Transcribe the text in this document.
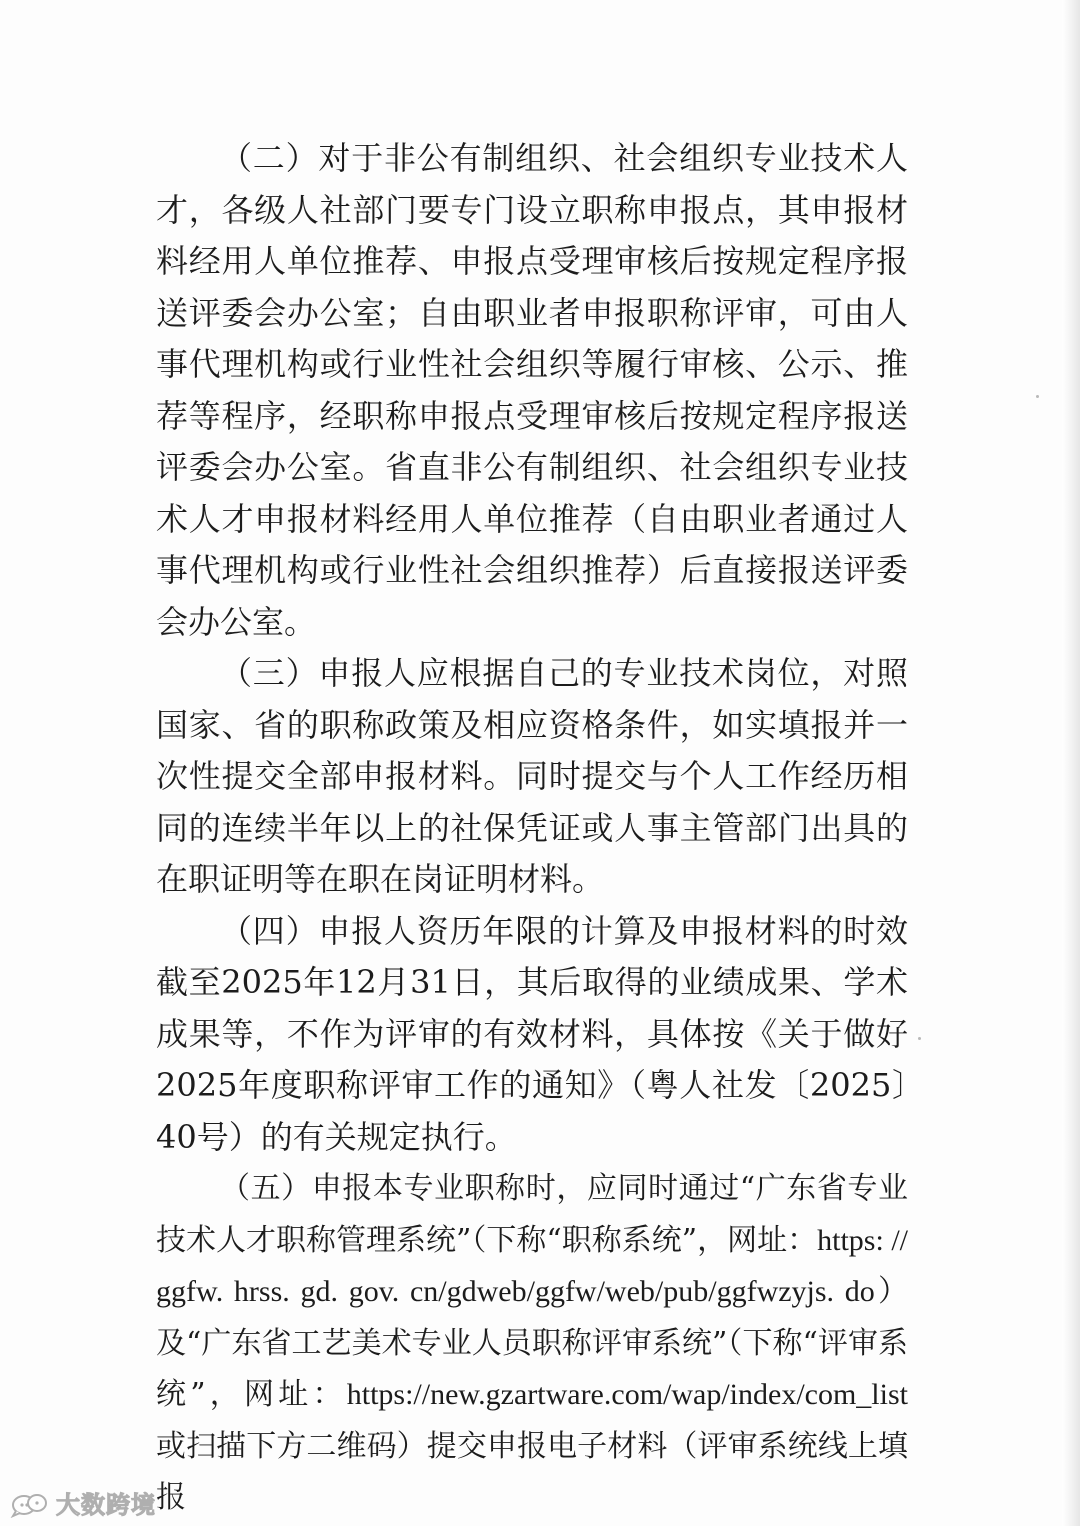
（二）对于非公有制组织、社会组织专业技术人才，各级人社部门要专门设立职称申报点，其申报材料经用人单位推荐、申报点受理审核后按规定程序报送评委会办公室；自由职业者申报职称评审，可由人事代理机构或行业性社会组织等履行审核、公示、推荐等程序，经职称申报点受理审核后按规定程序报送评委会办公室。省直非公有制组织、社会组织专业技术人才申报材料经用人单位推荐（自由职业者通过人事代理机构或行业性社会组织推荐）后直接报送评委会办公室。

（三）申报人应根据自己的专业技术岗位，对照国家、省的职称政策及相应资格条件，如实填报并一次性提交全部申报材料。同时提交与个人工作经历相同的连续半年以上的社保凭证或人事主管部门出具的在职证明等在职在岗证明材料。

（四）申报人资历年限的计算及申报材料的时效截至2025年12月31日，其后取得的业绩成果、学术成果等，不作为评审的有效材料，具体按《关于做好2025年度职称评审工作的通知》（粤人社发〔2025〕40号）的有关规定执行。

（五）申报本专业职称时，应同时通过“广东省专业技术人才职称管理系统”（下称“职称系统”，网址：https: //ggfw. hrss. gd. gov. cn/gdweb/ggfw/web/pub/ggfwzyjs. do）及“广东省工艺美术专业人员职称评审系统”（下称“评审系统”，网址：https://new.gzartware.com/wap/index/com_list或扫描下方二维码）提交申报电子材料（评审系统线上填报

大数跨境
